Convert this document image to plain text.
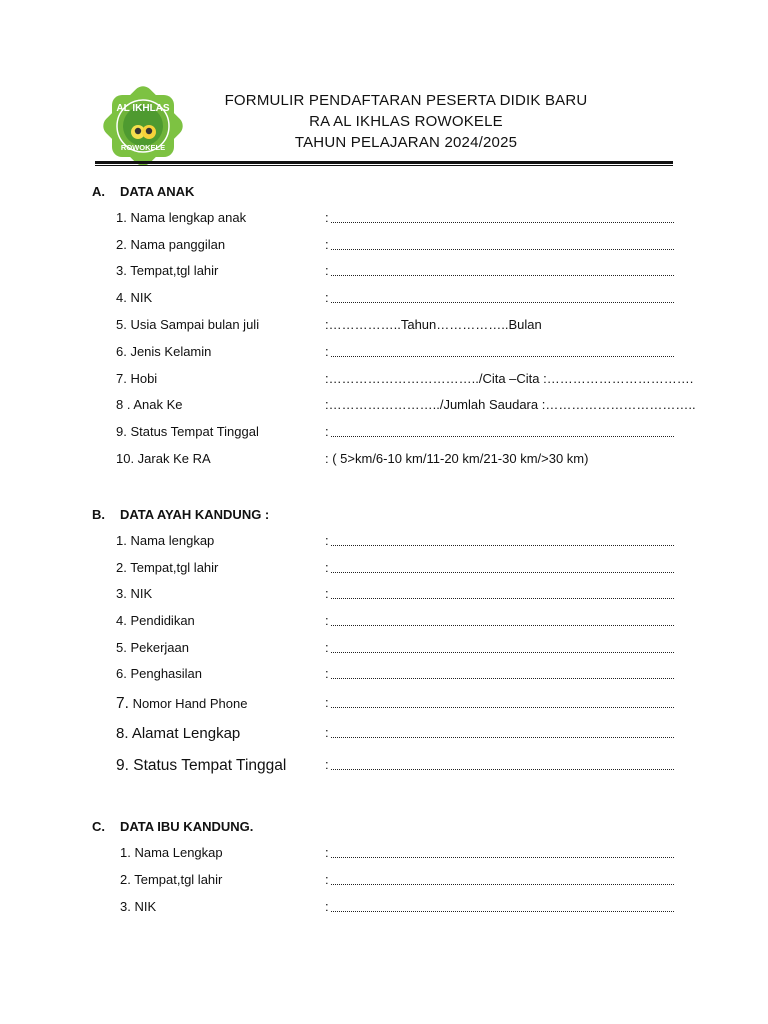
AL IKHLAS
ROWOKELE
FORMULIR PENDAFTARAN PESERTA DIDIK BARU
RA AL IKHLAS ROWOKELE
TAHUN PELAJARAN 2024/2025
A. DATA ANAK
1. Nama lengkap anak	:
2. Nama panggilan	:
3. Tempat,tgl lahir	:
4. NIK	:
5. Usia Sampai bulan juli	:……………..Tahun……………..Bulan
6. Jenis Kelamin	:
7. Hobi	:……………………………../Cita –Cita :…………………………….
8 . Anak Ke	:……………………../Jumlah Saudara :……………………………..
9. Status Tempat Tinggal	:
10. Jarak Ke RA	: ( 5>km/6-10 km/11-20 km/21-30 km/>30 km)
B. DATA AYAH KANDUNG :
1. Nama lengkap	:
2. Tempat,tgl lahir	:
3. NIK	:
4. Pendidikan	:
5. Pekerjaan	:
6. Penghasilan	:
7. Nomor Hand Phone	:
8. Alamat Lengkap	:
9. Status Tempat Tinggal	:
C. DATA IBU KANDUNG.
1. Nama Lengkap	:
2. Tempat,tgl lahir	:
3. NIK	:
